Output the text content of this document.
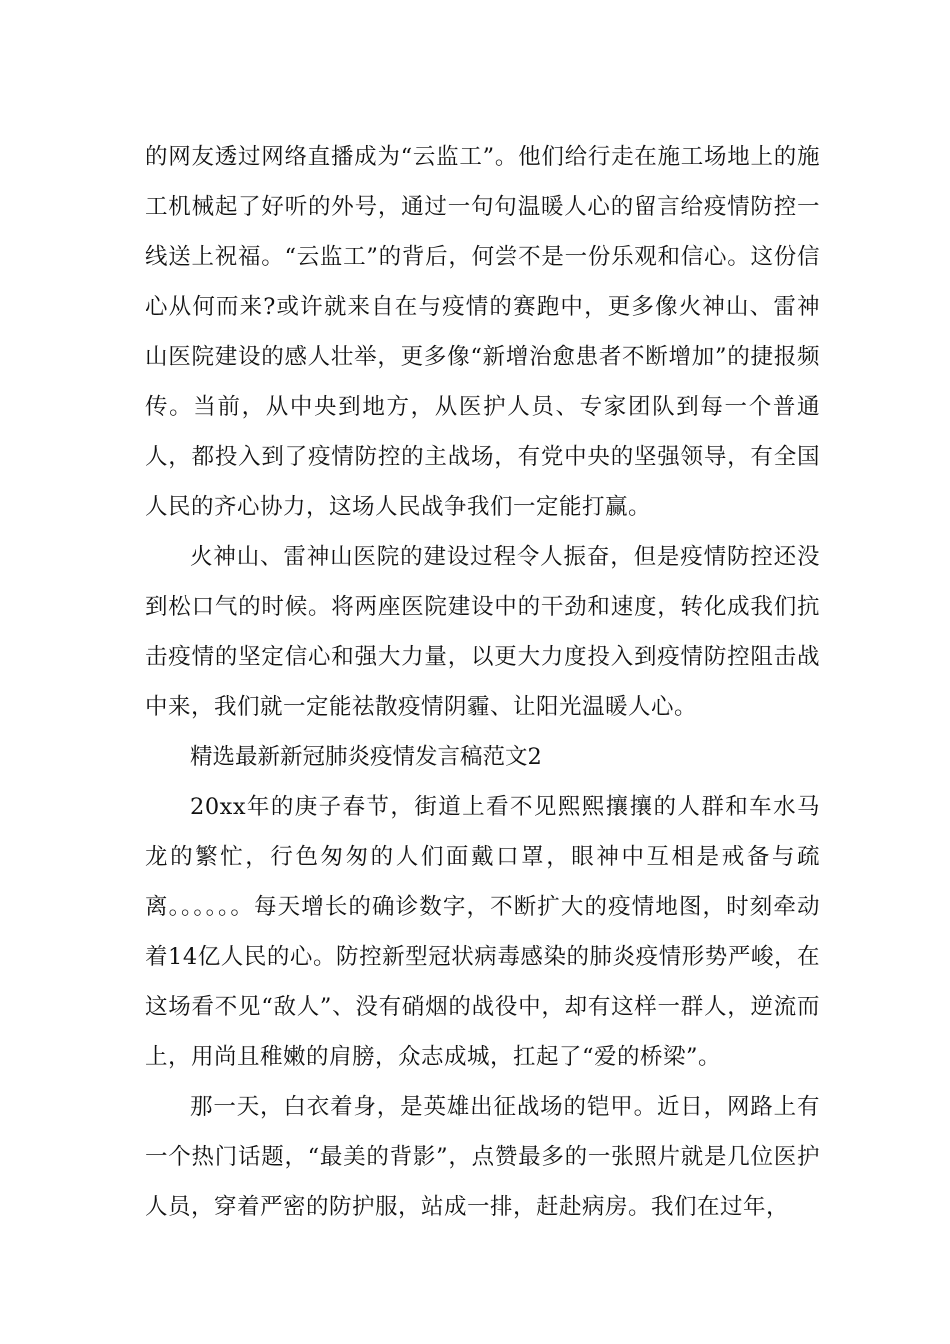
的网友透过网络直播成为“云监工”。他们给行走在施工场地上的施工机械起了好听的外号，通过一句句温暖人心的留言给疫情防控一线送上祝福。“云监工”的背后，何尝不是一份乐观和信心。这份信心从何而来?或许就来自在与疫情的赛跑中，更多像火神山、雷神山医院建设的感人壮举，更多像“新增治愈患者不断增加”的捷报频传。当前，从中央到地方，从医护人员、专家团队到每一个普通人，都投入到了疫情防控的主战场，有党中央的坚强领导，有全国人民的齐心协力，这场人民战争我们一定能打赢。

火神山、雷神山医院的建设过程令人振奋，但是疫情防控还没到松口气的时候。将两座医院建设中的干劲和速度，转化成我们抗击疫情的坚定信心和强大力量，以更大力度投入到疫情防控阻击战中来，我们就一定能祛散疫情阴霾、让阳光温暖人心。

精选最新新冠肺炎疫情发言稿范文2

20xx年的庚子春节，街道上看不见熙熙攘攘的人群和车水马龙的繁忙，行色匆匆的人们面戴口罩，眼神中互相是戒备与疏离。。。。。。每天增长的确诊数字，不断扩大的疫情地图，时刻牵动着14亿人民的心。防控新型冠状病毒感染的肺炎疫情形势严峻，在这场看不见“敌人”、没有硝烟的战役中，却有这样一群人，逆流而上，用尚且稚嫩的肩膀，众志成城，扛起了“爱的桥梁”。

那一天，白衣着身，是英雄出征战场的铠甲。近日，网路上有一个热门话题，“最美的背影”，点赞最多的一张照片就是几位医护人员，穿着严密的防护服，站成一排，赶赴病房。我们在过年，
